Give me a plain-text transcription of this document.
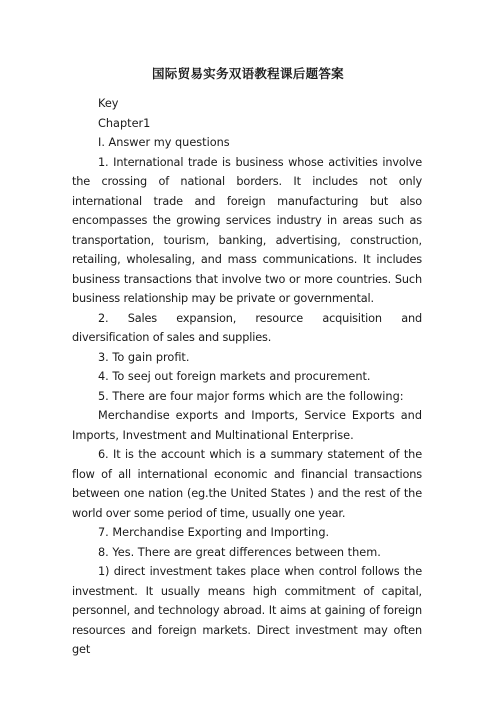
国际贸易实务双语教程课后题答案

Key

Chapter1

I. Answer my questions

1. International trade is business whose activities involve the crossing of national borders. It includes not only international trade and foreign manufacturing but also encompasses the growing services industry in areas such as transportation, tourism, banking, advertising, construction, retailing, wholesaling, and mass communications. It includes business transactions that involve two or more countries. Such business relationship may be private or governmental.

2. Sales expansion, resource acquisition and diversification of sales and supplies.

3. To gain profit.

4. To seej out foreign markets and procurement.

5. There are four major forms which are the following:

Merchandise exports and Imports, Service Exports and Imports, Investment and Multinational Enterprise.

6. It is the account which is a summary statement of the flow of all international economic and financial transactions between one nation (eg.the United States ) and the rest of the world over some period of time, usually one year.

7. Merchandise Exporting and Importing.

8. Yes. There are great differences between them.

1) direct investment takes place when control follows the investment. It usually means high commitment of capital, personnel, and technology abroad. It aims at gaining of foreign resources and foreign markets. Direct investment may often get
